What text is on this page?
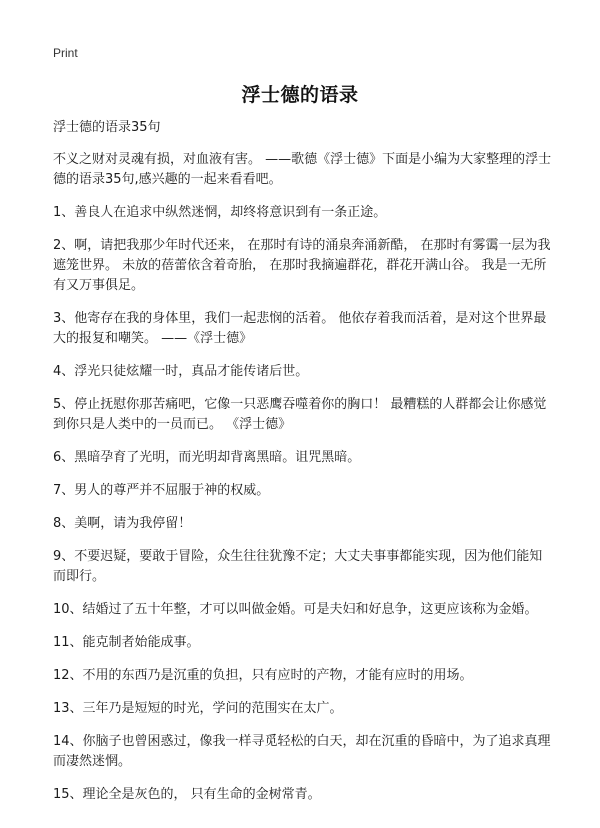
Print
浮士德的语录
浮士德的语录35句
不义之财对灵魂有损，对血液有害。 ——歌德《浮士德》下面是小编为大家整理的浮士德的语录35句,感兴趣的一起来看看吧。
1、善良人在追求中纵然迷惘，却终将意识到有一条正途。
2、啊，请把我那少年时代还来， 在那时有诗的涌泉奔涌新酷， 在那时有雾霭一层为我遮笼世界。 未放的蓓蕾依含着奇胎， 在那时我摘遍群花，群花开满山谷。 我是一无所有又万事俱足。
3、他寄存在我的身体里，我们一起悲悯的活着。 他依存着我而活着，是对这个世界最大的报复和嘲笑。 ——《浮士德》
4、浮光只徒炫耀一时，真品才能传诸后世。
5、停止抚慰你那苦痛吧，它像一只恶鹰吞噬着你的胸口！ 最糟糕的人群都会让你感觉到你只是人类中的一员而已。 《浮士德》
6、黑暗孕育了光明，而光明却背离黑暗。诅咒黑暗。
7、男人的尊严并不屈服于神的权威。
8、美啊，请为我停留！
9、不要迟疑，要敢于冒险，众生往往犹豫不定；大丈夫事事都能实现，因为他们能知而即行。
10、结婚过了五十年整，才可以叫做金婚。可是夫妇和好息争，这更应该称为金婚。
11、能克制者始能成事。
12、不用的东西乃是沉重的负担，只有应时的产物，才能有应时的用场。
13、三年乃是短短的时光，学问的范围实在太广。
14、你脑子也曾困惑过，像我一样寻觅轻松的白天，却在沉重的昏暗中，为了追求真理而凄然迷惘。
15、理论全是灰色的， 只有生命的金树常青。
